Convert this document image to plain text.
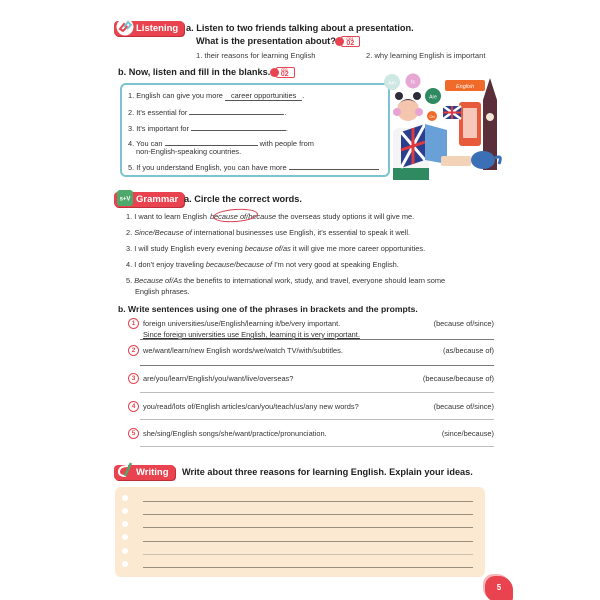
Listening a. Listen to two friends talking about a presentation.
What is the presentation about?	CD1
02
1. their reasons for learning English	2. why learning English is important
b. Now, listen and fill in the blanks.	CD1
02
1. English can give you more career opportunities .
2. It's essential for	.
3. It's important for	.
4. You can	with people from
non-English-speaking countries.
5. If you understand English, you can have more
Am	Is
Are
On
English
s+V Grammar a. Circle the correct words.
1. I want to learn English because of/because the overseas study options it will give me.
2. Since/Because of international businesses use English, it's essential to speak it well.
3. I will study English every evening because of/as it will give me more career opportunities.
4. I don't enjoy traveling because/because of I'm not very good at speaking English.
5. Because of/As the benefits to international work, study, and travel, everyone should learn some
English phrases.
b. Write sentences using one of the phrases in brackets and the prompts.
1	foreign universities/use/English/learning it/be/very important.	(because of/since)
Since foreign universities use English, learning it is very important.
2	we/want/learn/new English words/we/watch TV/with/subtitles.	(as/because of)
3	are/you/learn/English/you/want/live/overseas?	(because/because of)
4	you/read/lots of/English articles/can/you/teach/us/any new words?	(because of/since)
5	she/sing/English songs/she/want/practice/pronunciation.	(since/because)
Writing	Write about three reasons for learning English. Explain your ideas.
5
